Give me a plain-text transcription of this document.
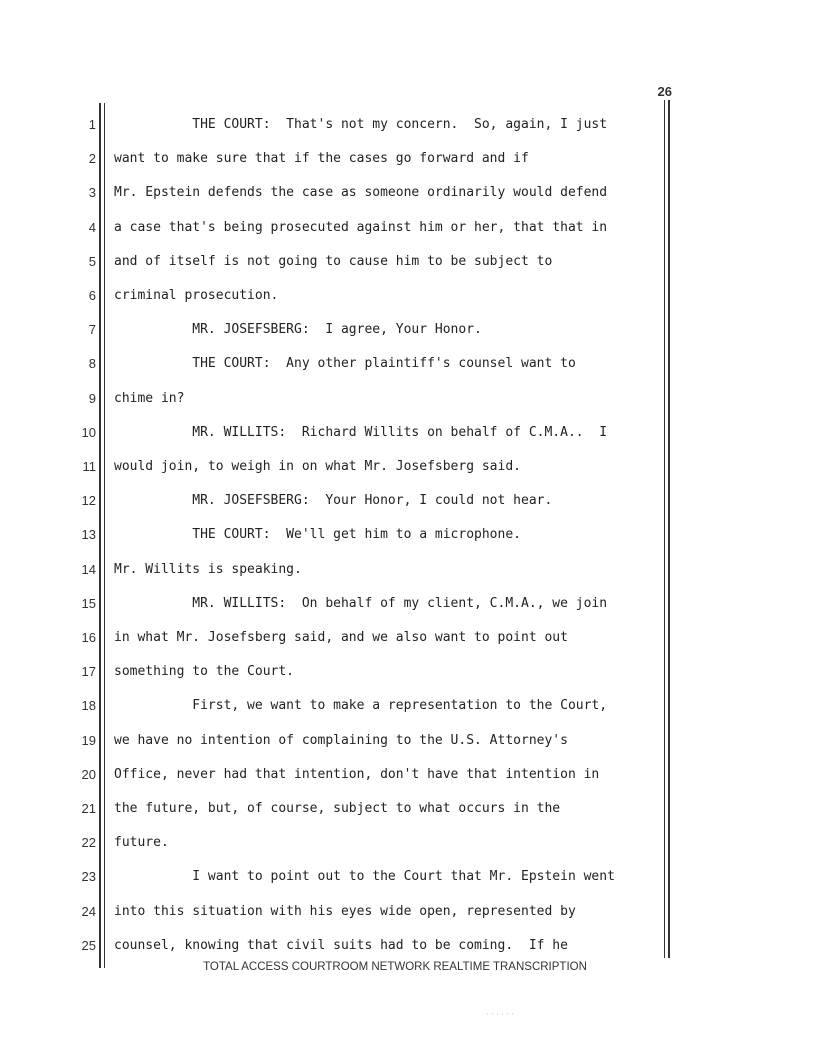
26
1 THE COURT:  That's not my concern.  So, again, I just
2 want to make sure that if the cases go forward and if
3 Mr. Epstein defends the case as someone ordinarily would defend
4 a case that's being prosecuted against him or her, that that in
5 and of itself is not going to cause him to be subject to
6 criminal prosecution.
7 MR. JOSEFSBERG:  I agree, Your Honor.
8 THE COURT:  Any other plaintiff's counsel want to
9 chime in?
10 MR. WILLITS:  Richard Willits on behalf of C.M.A..  I
11 would join, to weigh in on what Mr. Josefsberg said.
12 MR. JOSEFSBERG:  Your Honor, I could not hear.
13 THE COURT:  We'll get him to a microphone.
14 Mr. Willits is speaking.
15 MR. WILLITS:  On behalf of my client, C.M.A., we join
16 in what Mr. Josefsberg said, and we also want to point out
17 something to the Court.
18 First, we want to make a representation to the Court,
19 we have no intention of complaining to the U.S. Attorney's
20 Office, never had that intention, don't have that intention in
21 the future, but, of course, subject to what occurs in the
22 future.
23 I want to point out to the Court that Mr. Epstein went
24 into this situation with his eyes wide open, represented by
25 counsel, knowing that civil suits had to be coming.  If he
TOTAL ACCESS COURTROOM NETWORK REALTIME TRANSCRIPTION
· · · · · ·
